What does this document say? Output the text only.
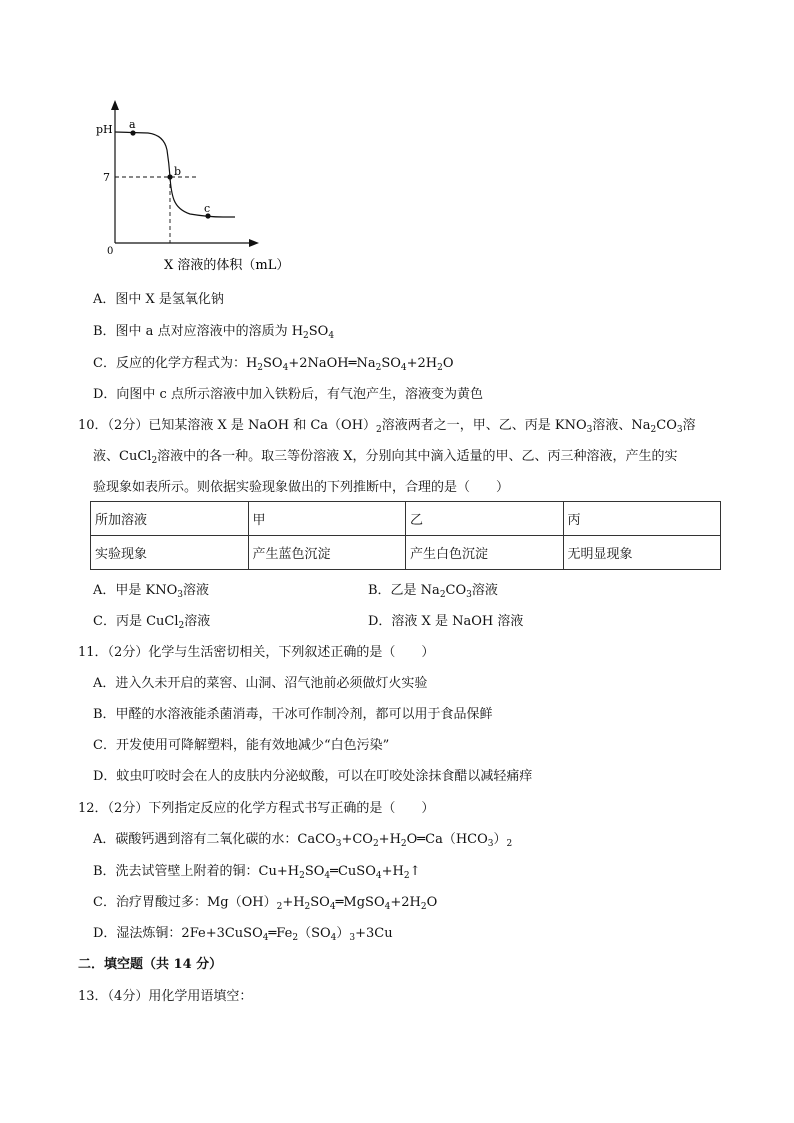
pH
7
0
a
b
c
X 溶液的体积（mL）
A．图中 X 是氢氧化钠
B．图中 a 点对应溶液中的溶质为 $H_2SO_4$
C．反应的化学方程式为：$H_2SO_4+2NaOH═Na_2SO_4+2H_2O$
D．向图中 c 点所示溶液中加入铁粉后，有气泡产生，溶液变为黄色
10．（2分）已知某溶液 X 是 NaOH 和 $Ca(OH)_2$溶液两者之一，甲、乙、丙是 $KNO_3$溶液、$Na_2CO_3$溶
液、CuCl$_2$溶液中的各一种。取三等份溶液 X，分别向其中滴入适量的甲、乙、丙三种溶液，产生的实
验现象如表所示。则依据实验现象做出的下列推断中，合理的是（　　）
所加溶液	甲	乙	丙
实验现象	产生蓝色沉淀	产生白色沉淀	无明显现象
A．甲是 $KNO_3$溶液	B．乙是 $Na_2CO_3$溶液
C．丙是 CuCl$_2$溶液	D．溶液 X 是 NaOH 溶液
11．（2分）化学与生活密切相关，下列叙述正确的是（　　）
A．进入久未开启的菜窖、山洞、沼气池前必须做灯火实验
B．甲醛的水溶液能杀菌消毒，干冰可作制冷剂，都可以用于食品保鲜
C．开发使用可降解塑料，能有效地减少“白色污染”
D．蚊虫叮咬时会在人的皮肤内分泌蚁酸，可以在叮咬处涂抹食醋以减轻痛痒
12．（2分）下列指定反应的化学方程式书写正确的是（　　）
A．碳酸钙遇到溶有二氧化碳的水：$CaCO_3+CO_2+H_2O═Ca(HCO_3)_2$
B．洗去试管壁上附着的铜：$Cu+H_2SO_4═CuSO_4+H_2↑$
C．治疗胃酸过多：$Mg(OH)_2+H_2SO_4═MgSO_4+2H_2O$
D．湿法炼铜：$2Fe+3CuSO_4═Fe_2(SO_4)_3+3Cu$
二．填空题（共 14 分）
13．（4分）用化学用语填空：
